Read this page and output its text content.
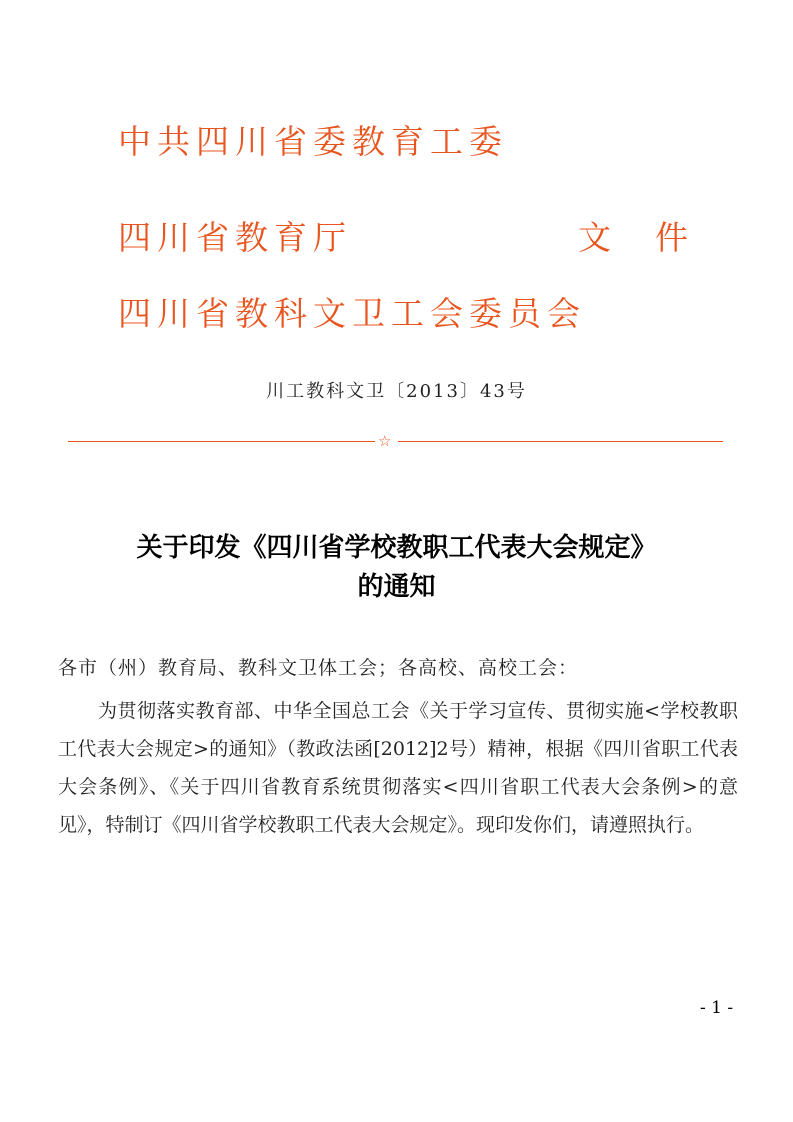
中共四川省委教育工委
四川省教育厅	文 件
四川省教科文卫工会委员会
川工教科文卫〔2013〕43号
☆
关于印发《四川省学校教职工代表大会规定》
的通知
各市（州）教育局、教科文卫体工会；各高校、高校工会：
为贯彻落实教育部、中华全国总工会《关于学习宣传、贯彻实施<学校教职工代表大会规定>的通知》（教政法函[2012]2号）精神，根据《四川省职工代表大会条例》、《关于四川省教育系统贯彻落实<四川省职工代表大会条例>的意见》，特制订《四川省学校教职工代表大会规定》。现印发你们，请遵照执行。
- 1 -
